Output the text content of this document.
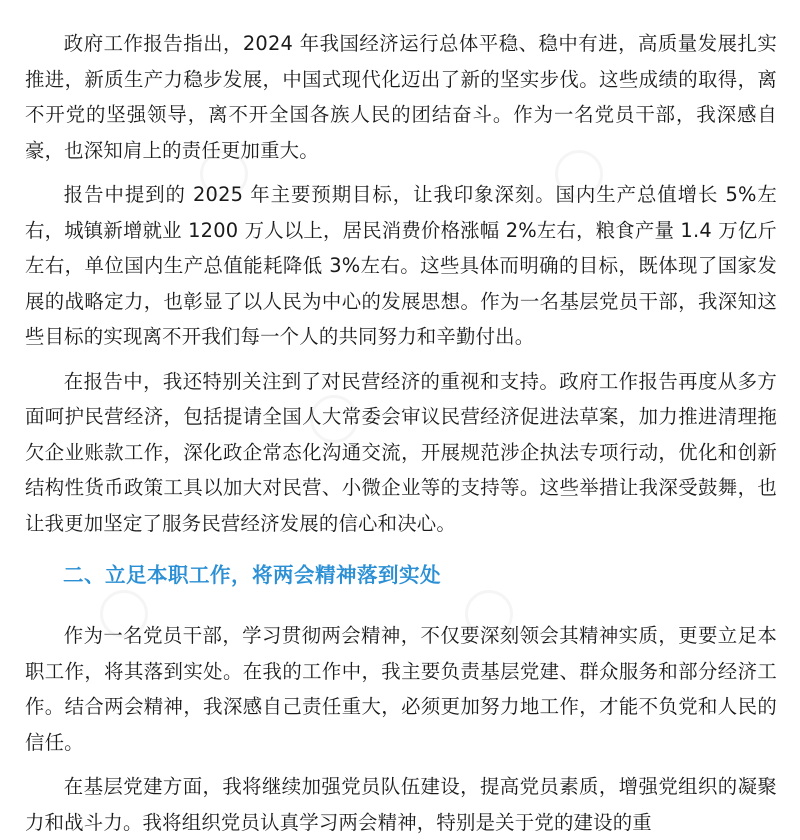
政府工作报告指出，2024 年我国经济运行总体平稳、稳中有进，高质量发展扎实推进，新质生产力稳步发展，中国式现代化迈出了新的坚实步伐。这些成绩的取得，离不开党的坚强领导，离不开全国各族人民的团结奋斗。作为一名党员干部，我深感自豪，也深知肩上的责任更加重大。

报告中提到的 2025 年主要预期目标，让我印象深刻。国内生产总值增长 5%左右，城镇新增就业 1200 万人以上，居民消费价格涨幅 2%左右，粮食产量 1.4 万亿斤左右，单位国内生产总值能耗降低 3%左右。这些具体而明确的目标，既体现了国家发展的战略定力，也彰显了以人民为中心的发展思想。作为一名基层党员干部，我深知这些目标的实现离不开我们每一个人的共同努力和辛勤付出。

在报告中，我还特别关注到了对民营经济的重视和支持。政府工作报告再度从多方面呵护民营经济，包括提请全国人大常委会审议民营经济促进法草案，加力推进清理拖欠企业账款工作，深化政企常态化沟通交流，开展规范涉企执法专项行动，优化和创新结构性货币政策工具以加大对民营、小微企业等的支持等。这些举措让我深受鼓舞，也让我更加坚定了服务民营经济发展的信心和决心。

二、立足本职工作，将两会精神落到实处

作为一名党员干部，学习贯彻两会精神，不仅要深刻领会其精神实质，更要立足本职工作，将其落到实处。在我的工作中，我主要负责基层党建、群众服务和部分经济工作。结合两会精神，我深感自己责任重大，必须更加努力地工作，才能不负党和人民的信任。

在基层党建方面，我将继续加强党员队伍建设，提高党员素质，增强党组织的凝聚力和战斗力。我将组织党员认真学习两会精神，特别是关于党的建设的重
